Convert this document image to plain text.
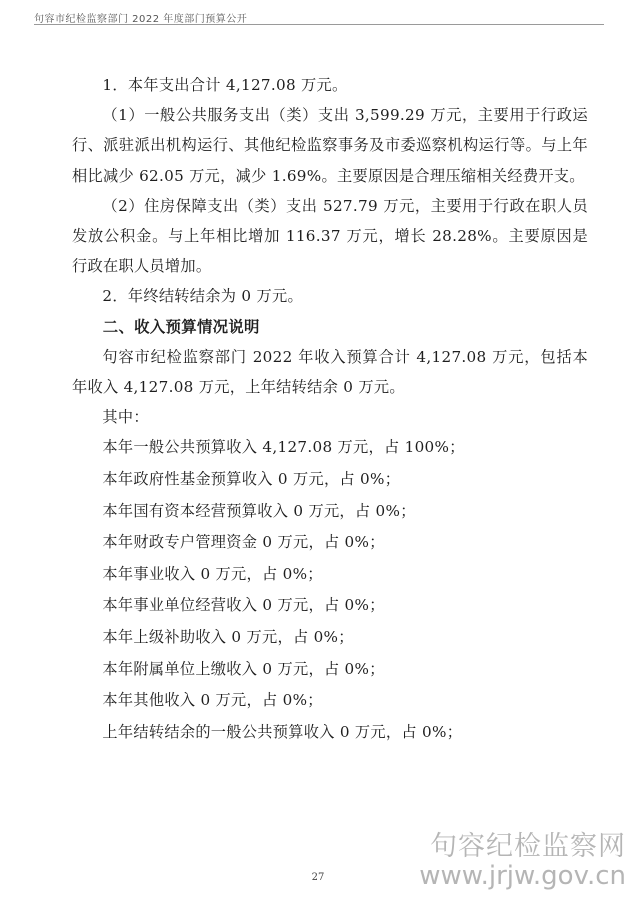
句容市纪检监察部门 2022 年度部门预算公开

1．本年支出合计 4,127.08 万元。

（1）一般公共服务支出（类）支出 3,599.29 万元，主要用于行政运行、派驻派出机构运行、其他纪检监察事务及市委巡察机构运行等。与上年相比减少 62.05 万元，减少 1.69%。主要原因是合理压缩相关经费开支。

（2）住房保障支出（类）支出 527.79 万元，主要用于行政在职人员发放公积金。与上年相比增加 116.37 万元，增长 28.28%。主要原因是行政在职人员增加。

2．年终结转结余为 0 万元。

二、收入预算情况说明

句容市纪检监察部门 2022 年收入预算合计 4,127.08 万元，包括本年收入 4,127.08 万元，上年结转结余 0 万元。

其中：

本年一般公共预算收入 4,127.08 万元，占 100%；
本年政府性基金预算收入 0 万元，占 0%；
本年国有资本经营预算收入 0 万元，占 0%；
本年财政专户管理资金 0 万元，占 0%；
本年事业收入 0 万元，占 0%；
本年事业单位经营收入 0 万元，占 0%；
本年上级补助收入 0 万元，占 0%；
本年附属单位上缴收入 0 万元，占 0%；
本年其他收入 0 万元，占 0%；
上年结转结余的一般公共预算收入 0 万元，占 0%；
27
句容纪检监察网
www.jrjw.gov.cn
